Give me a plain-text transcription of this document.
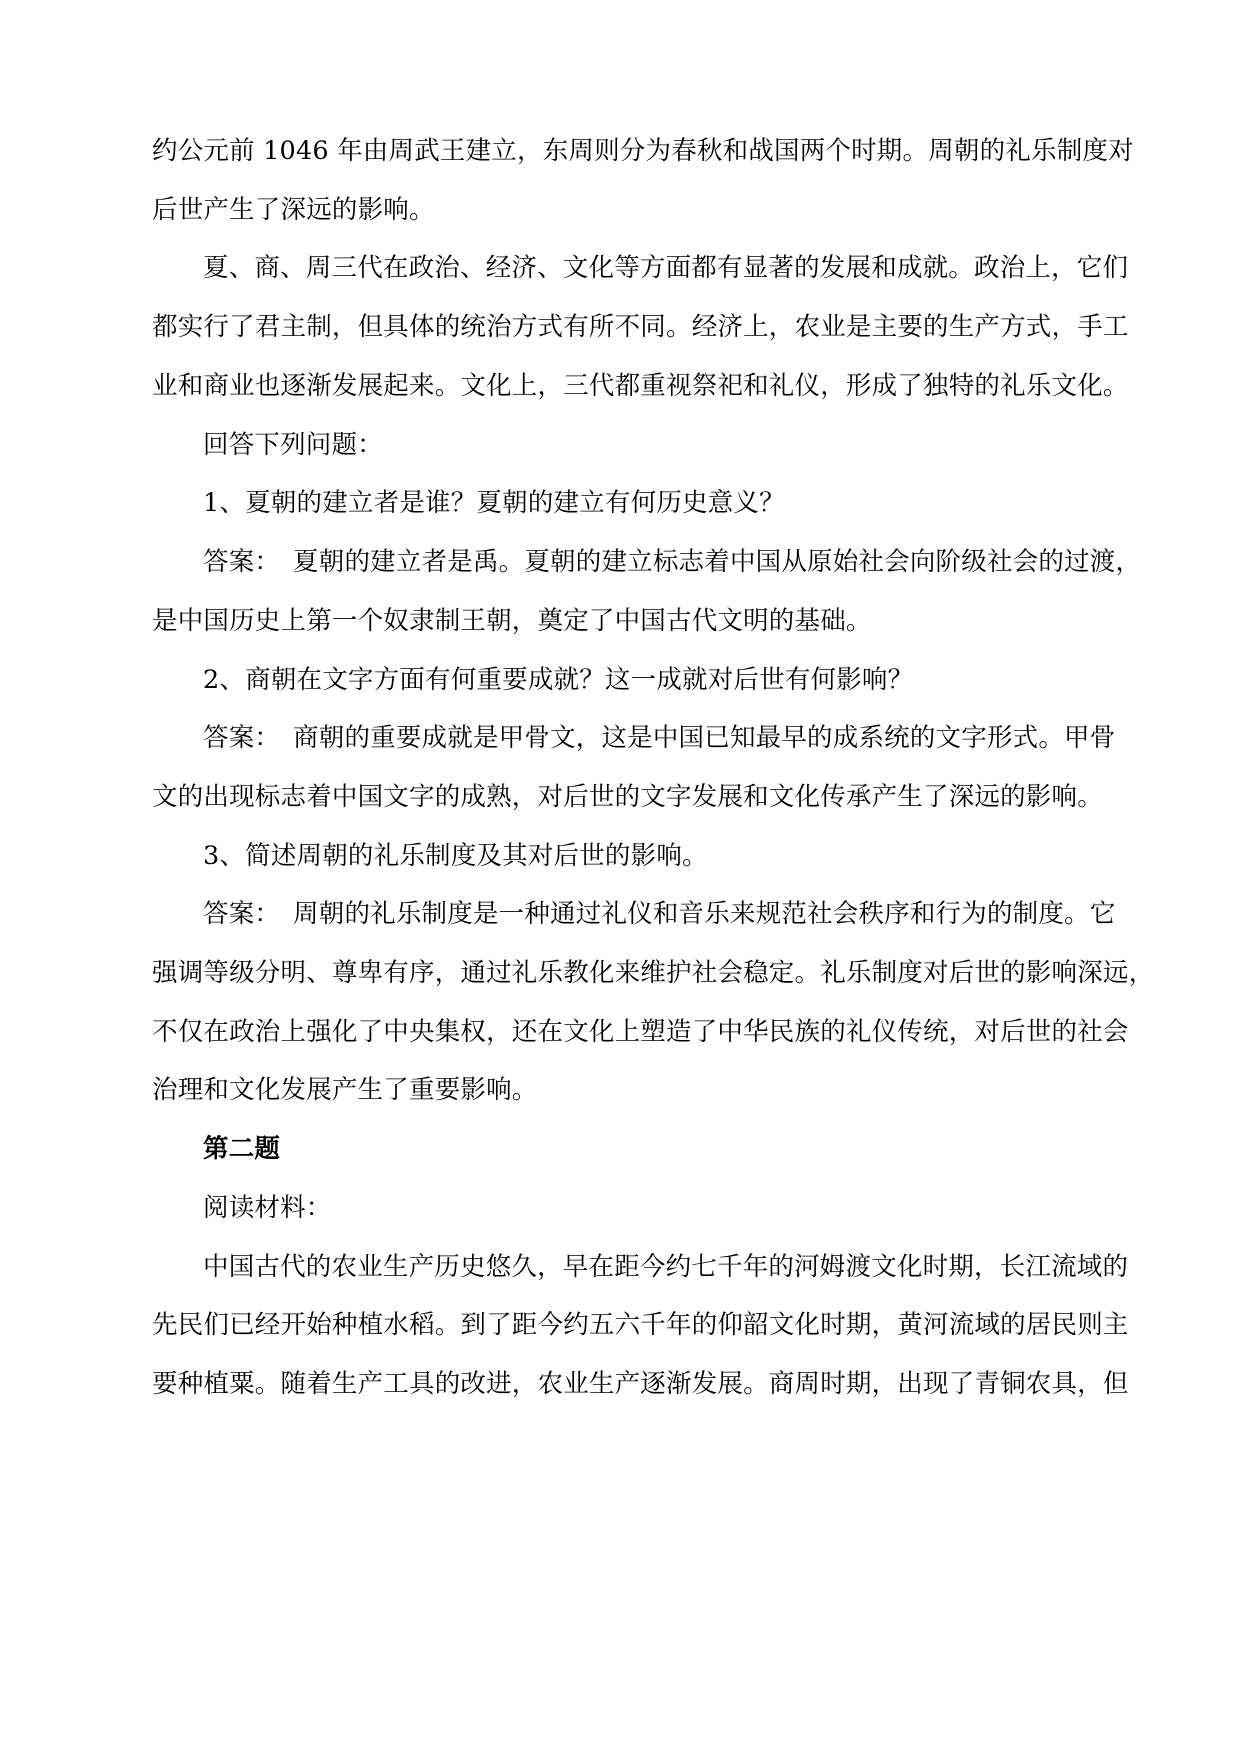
约公元前 1046 年由周武王建立，东周则分为春秋和战国两个时期。周朝的礼乐制度对
后世产生了深远的影响。
夏、商、周三代在政治、经济、文化等方面都有显著的发展和成就。政治上，它们
都实行了君主制，但具体的统治方式有所不同。经济上，农业是主要的生产方式，手工
业和商业也逐渐发展起来。文化上，三代都重视祭祀和礼仪，形成了独特的礼乐文化。
回答下列问题：
1、夏朝的建立者是谁？夏朝的建立有何历史意义？
答案：　夏朝的建立者是禹。夏朝的建立标志着中国从原始社会向阶级社会的过渡，
是中国历史上第一个奴隶制王朝，奠定了中国古代文明的基础。
2、商朝在文字方面有何重要成就？这一成就对后世有何影响？
答案：　商朝的重要成就是甲骨文，这是中国已知最早的成系统的文字形式。甲骨
文的出现标志着中国文字的成熟，对后世的文字发展和文化传承产生了深远的影响。
3、简述周朝的礼乐制度及其对后世的影响。
答案：　周朝的礼乐制度是一种通过礼仪和音乐来规范社会秩序和行为的制度。它
强调等级分明、尊卑有序，通过礼乐教化来维护社会稳定。礼乐制度对后世的影响深远，
不仅在政治上强化了中央集权，还在文化上塑造了中华民族的礼仪传统，对后世的社会
治理和文化发展产生了重要影响。
第二题
阅读材料：
中国古代的农业生产历史悠久，早在距今约七千年的河姆渡文化时期，长江流域的
先民们已经开始种植水稻。到了距今约五六千年的仰韶文化时期，黄河流域的居民则主
要种植粟。随着生产工具的改进，农业生产逐渐发展。商周时期，出现了青铜农具，但
